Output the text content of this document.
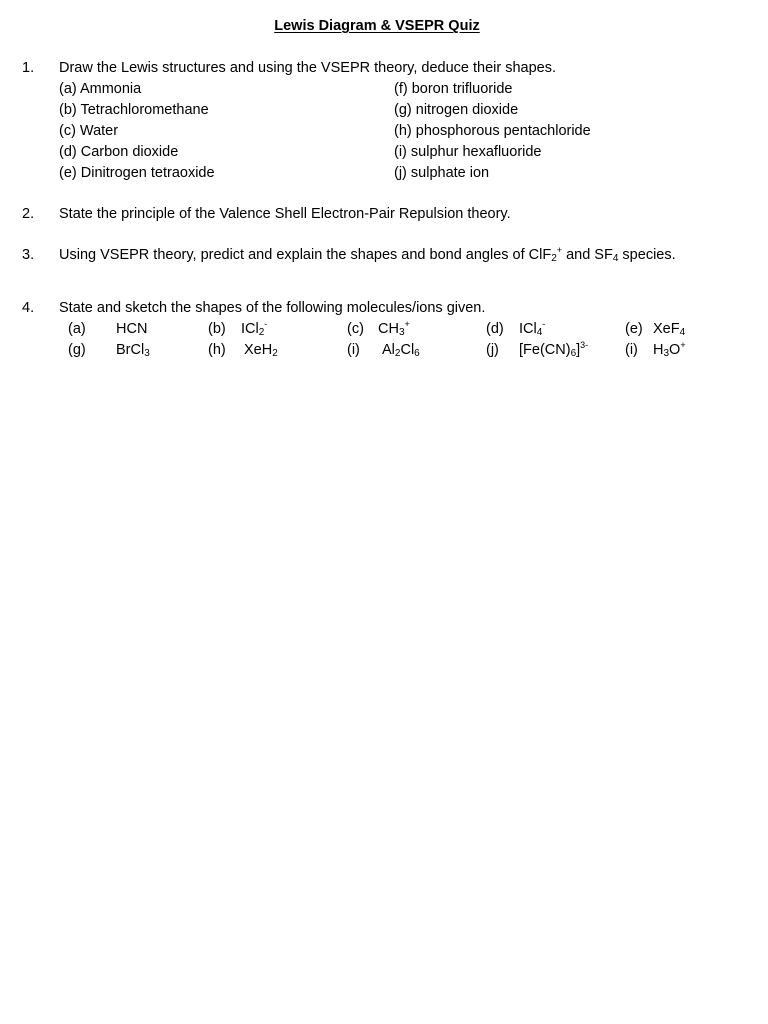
Lewis Diagram & VSEPR Quiz
1. Draw the Lewis structures and using the VSEPR theory, deduce their shapes.
(a) Ammonia
(b) Tetrachloromethane
(c) Water
(d) Carbon dioxide
(e) Dinitrogen tetraoxide
(f) boron trifluoride
(g) nitrogen dioxide
(h) phosphorous pentachloride
(i) sulphur hexafluoride
(j) sulphate ion
2. State the principle of the Valence Shell Electron-Pair Repulsion theory.
3. Using VSEPR theory, predict and explain the shapes and bond angles of ClF$_2$+ and $SF_4$ species.
4. State and sketch the shapes of the following molecules/ions given.
(a) HCN	(b) ICl$_2$-	(c) $CH_3^+$	(d) ICl$_4$-	(e) XeF$_4$
(g) BrCl$_3$	(h) XeH$_2$	(i) $Al_2Cl_6$	(j) $[Fe(CN)_6]^{3-}$	(i) $H_3O^+$
